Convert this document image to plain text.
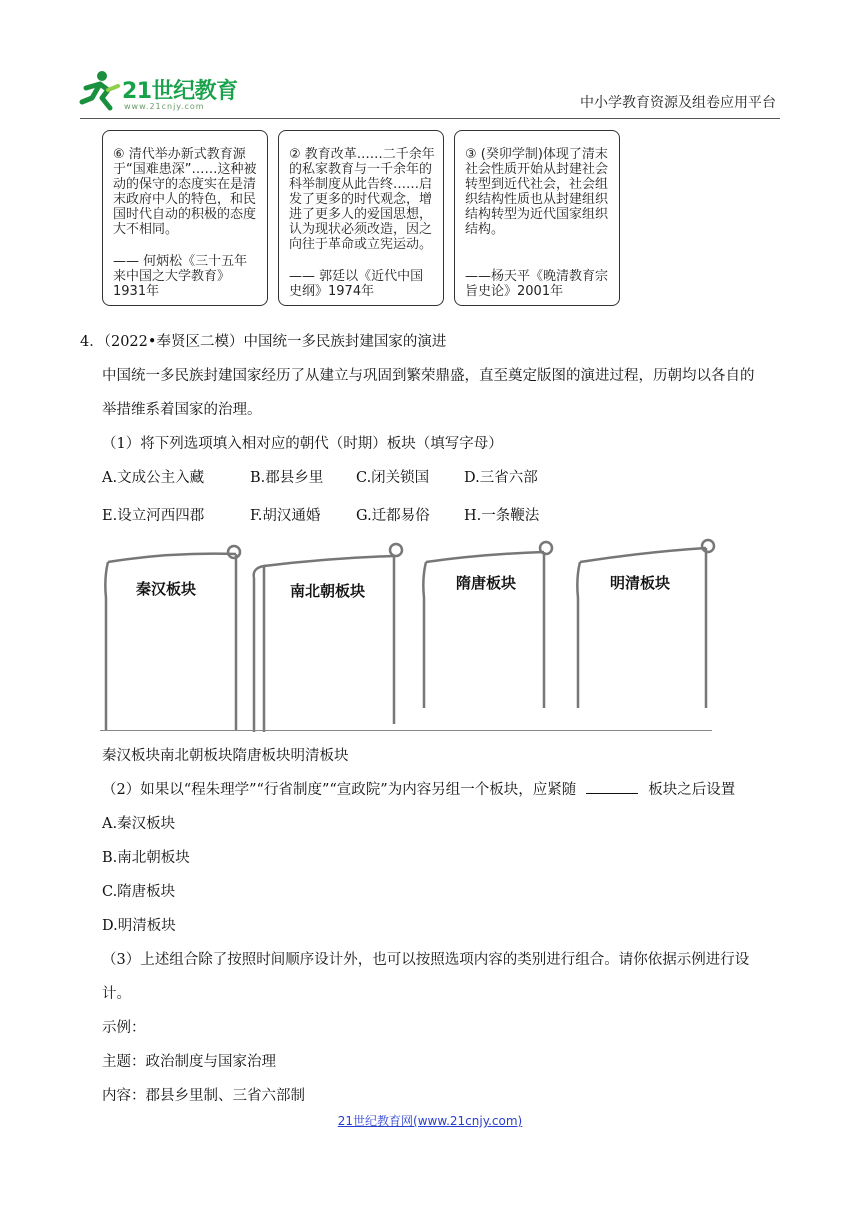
21世纪教育
www.21cnjy.com	中小学教育资源及组卷应用平台
⑥ 清代举办新式教育源于“国难患深”……这种被动的保守的态度实在是清末政府中人的特色，和民国时代自动的积极的态度大不相同。
—— 何炳松《三十五年来中国之大学教育》1931年
② 教育改革……二千余年的私家教育与一千余年的科举制度从此告终……启发了更多的时代观念，增进了更多人的爱国思想，认为现状必须改造，因之向往于革命或立宪运动。
—— 郭廷以《近代中国史纲》1974年
③ (癸卯学制)体现了清末社会性质开始从封建社会转型到近代社会，社会组织结构性质也从封建组织结构转型为近代国家组织结构。
——杨天平《晚清教育宗旨史论》2001年
4．（2022•奉贤区二模）中国统一多民族封建国家的演进
中国统一多民族封建国家经历了从建立与巩固到繁荣鼎盛，直至奠定版图的演进过程，历朝均以各自的
举措维系着国家的治理。
（1）将下列选项填入相对应的朝代（时期）板块（填写字母）
A.文成公主入藏	B.郡县乡里 C.闭关锁国 D.三省六部
E.设立河西四郡	F.胡汉通婚 G.迁都易俗 H.一条鞭法
秦汉板块	南北朝板块	隋唐板块	明清板块
秦汉板块南北朝板块隋唐板块明清板块
（2）如果以“程朱理学”“行省制度”“宣政院”为内容另组一个板块，应紧随	板块之后设置
A.秦汉板块
B.南北朝板块
C.隋唐板块
D.明清板块
（3）上述组合除了按照时间顺序设计外，也可以按照选项内容的类别进行组合。请你依据示例进行设
计。
示例：
主题：政治制度与国家治理
内容：郡县乡里制、三省六部制
21世纪教育网(www.21cnjy.com)
